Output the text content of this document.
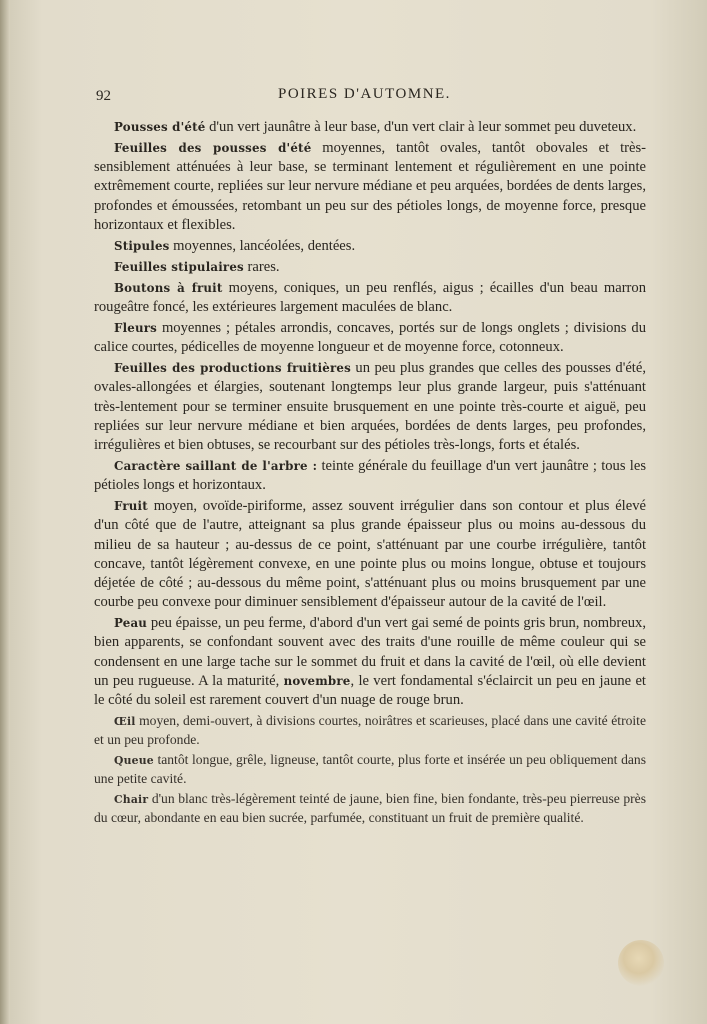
92	POIRES D'AUTOMNE.

Pousses d'été d'un vert jaunâtre à leur base, d'un vert clair à leur sommet peu duveteux.

Feuilles des pousses d'été moyennes, tantôt ovales, tantôt obovales et très-sensiblement atténuées à leur base, se terminant lentement et régulièrement en une pointe extrêmement courte, repliées sur leur nervure médiane et peu arquées, bordées de dents larges, profondes et émoussées, retombant un peu sur des pétioles longs, de moyenne force, presque horizontaux et flexibles.

Stipules moyennes, lancéolées, dentées.

Feuilles stipulaires rares.

Boutons à fruit moyens, coniques, un peu renflés, aigus ; écailles d'un beau marron rougeâtre foncé, les extérieures largement maculées de blanc.

Fleurs moyennes ; pétales arrondis, concaves, portés sur de longs onglets ; divisions du calice courtes, pédicelles de moyenne longueur et de moyenne force, cotonneux.

Feuilles des productions fruitières un peu plus grandes que celles des pousses d'été, ovales-allongées et élargies, soutenant longtemps leur plus grande largeur, puis s'atténuant très-lentement pour se terminer ensuite brusquement en une pointe très-courte et aiguë, peu repliées sur leur nervure médiane et bien arquées, bordées de dents larges, peu profondes, irrégulières et bien obtuses, se recourbant sur des pétioles très-longs, forts et étalés.

Caractère saillant de l'arbre : teinte générale du feuillage d'un vert jaunâtre ; tous les pétioles longs et horizontaux.

Fruit moyen, ovoïde-piriforme, assez souvent irrégulier dans son contour et plus élevé d'un côté que de l'autre, atteignant sa plus grande épaisseur plus ou moins au-dessous du milieu de sa hauteur ; au-dessus de ce point, s'atténuant par une courbe irrégulière, tantôt concave, tantôt légèrement convexe, en une pointe plus ou moins longue, obtuse et toujours déjetée de côté ; au-dessous du même point, s'atténuant plus ou moins brusquement par une courbe peu convexe pour diminuer sensiblement d'épaisseur autour de la cavité de l'œil.

Peau peu épaisse, un peu ferme, d'abord d'un vert gai semé de points gris brun, nombreux, bien apparents, se confondant souvent avec des traits d'une rouille de même couleur qui se condensent en une large tache sur le sommet du fruit et dans la cavité de l'œil, où elle devient un peu rugueuse. A la maturité, novembre, le vert fondamental s'éclaircit un peu en jaune et le côté du soleil est rarement couvert d'un nuage de rouge brun.

Œil moyen, demi-ouvert, à divisions courtes, noirâtres et scarieuses, placé dans une cavité étroite et un peu profonde.

Queue tantôt longue, grêle, ligneuse, tantôt courte, plus forte et insérée un peu obliquement dans une petite cavité.

Chair d'un blanc très-légèrement teinté de jaune, bien fine, bien fondante, très-peu pierreuse près du cœur, abondante en eau bien sucrée, parfumée, constituant un fruit de première qualité.
